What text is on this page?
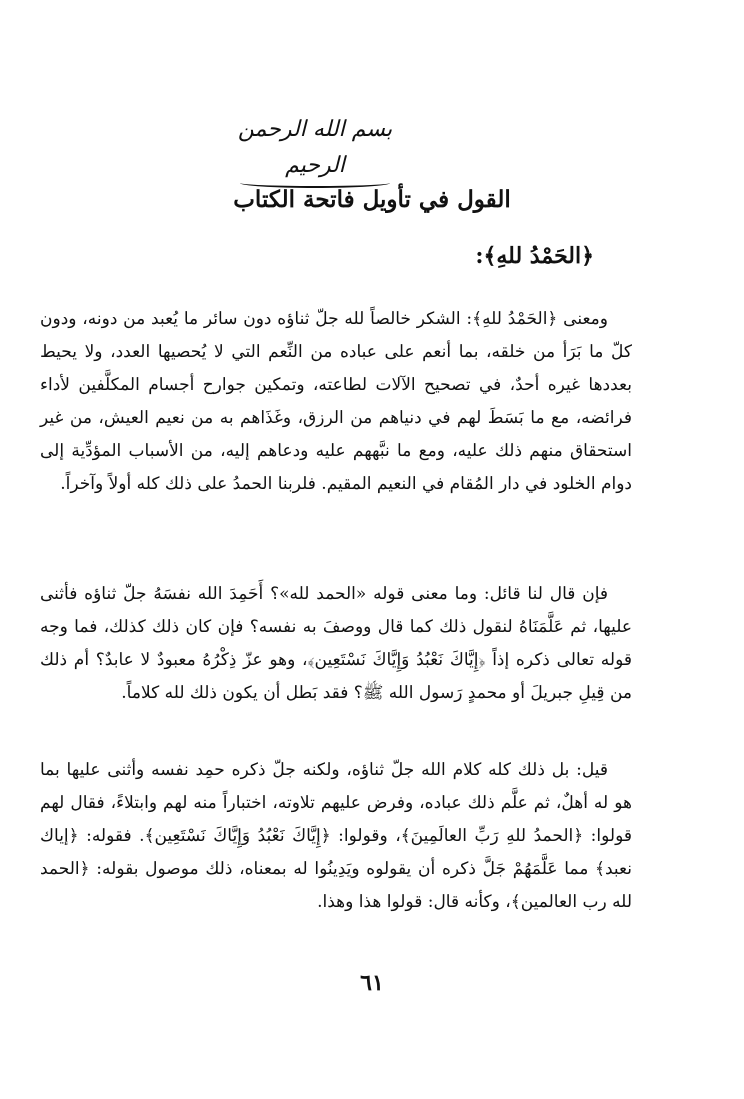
بسم الله الرحمن الرحيم
القول في تأويل فاتحة الكتاب
﴿الحَمْدُ للهِ﴾:

ومعنى ﴿الحَمْدُ للهِ﴾: الشكر خالصاً لله جلّ ثناؤه دون سائر ما يُعبد من دونه، ودون كلّ ما بَرَأ من خلقه، بما أنعم على عباده من النِّعم التي لا يُحصيها العدد، ولا يحيط بعددها غيره أحدٌ، في تصحيح الآلات لطاعته، وتمكين جوارح أجسام المكلَّفين لأداء فرائضه، مع ما بَسَطَ لهم في دنياهم من الرزق، وغَذَاهم به من نعيم العيش، من غير استحقاق منهم ذلك عليه، ومع ما نبَّههم عليه ودعاهم إليه، من الأسباب المؤدِّية إلى دوام الخلود في دار المُقام في النعيم المقيم. فلربنا الحمدُ على ذلك كله أولاً وآخراً.

فإن قال لنا قائل: وما معنى قوله «الحمد لله»؟ أَحَمِدَ الله نفسَهُ جلّ ثناؤه فأثنى عليها، ثم عَلَّمَنَاهُ لنقول ذلك كما قال ووصفَ به نفسه؟ فإن كان ذلك كذلك، فما وجه قوله تعالى ذكره إذاً ﴿إِيَّاكَ نَعْبُدُ وَإِيَّاكَ نَسْتَعِين﴾، وهو عزّ ذِكْرُهُ معبودٌ لا عابدٌ؟ أم ذلك من قِيلِ جبريلَ أو محمدٍ رَسول الله ﷺ؟ فقد بَطل أن يكون ذلك لله كلاماً.

قيل: بل ذلك كله كلام الله جلّ ثناؤه، ولكنه جلّ ذكره حمِد نفسه وأثنى عليها بما هو له أهلٌ، ثم علَّم ذلك عباده، وفرض عليهم تلاوته، اختباراً منه لهم وابتلاءً، فقال لهم قولوا: ﴿الحمدُ للهِ رَبِّ العالَمِينَ﴾، وقولوا: ﴿إِيَّاكَ نَعْبُدُ وَإِيَّاكَ نَسْتَعِين﴾. فقوله: ﴿إياك نعبد﴾ مما عَلَّمَهُمْ جَلَّ ذكره أن يقولوه ويَدِينُوا له بمعناه، ذلك موصول بقوله: ﴿الحمد لله رب العالمين﴾، وكأنه قال: قولوا هذا وهذا.

٦١
